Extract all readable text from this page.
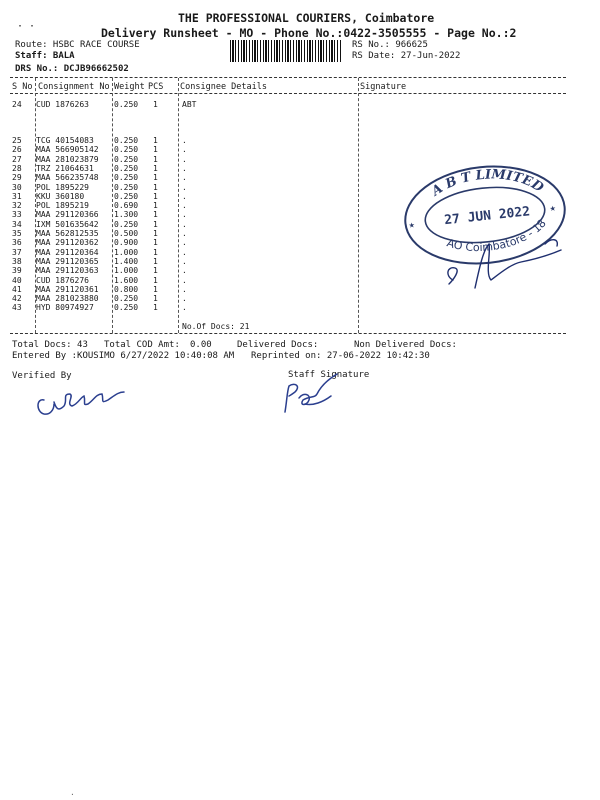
THE PROFESSIONAL COURIERS, Coimbatore
Delivery Runsheet - MO - Phone No.:0422-3505555 - Page No.:2
· ·
Route: HSBC RACE COURSE
Staff: BALA
DRS No.: DCJB96662502
RS No.: 966625
RS Date: 27-Jun-2022
S No Consignment No Weight PCS Consignee Details	Signature
24 CUD 1876263	0.250 1	ABT
25 TCG 40154083	0.250 1	.
26 MAA 566905142 0.250 1	.
27 MAA 281023879 0.250 1	.
28 TRZ 21064631	0.250 1	.
29 MAA 566235748 0.250 1	.
30 POL 1895229	0.250 1	.
31 KKU 360180	0.250 1	.
32 POL 1895219	0.690 1	.
33 MAA 291120366 1.300 1	.
34 IXM 501635642 0.250 1	.
35 MAA 562812535 0.500 1	.
36 MAA 291120362 0.900 1	.
37 MAA 291120364 1.000 1	.
38 MAA 291120365 1.400 1	.
39 MAA 291120363 1.000 1	.
40 CUD 1876276	1.600 1	.
41 MAA 291120361 0.800 1	.
42 MAA 281023880 0.250 1	.
43 HYD 80974927	0.250 1	.
No.Of Docs: 21
Total Docs: 43 Total COD Amt: 0.00	Delivered Docs:	Non Delivered Docs:
Entered By :KOUSIMO 6/27/2022 10:40:08 AM Reprinted on: 27-06-2022 10:42:30
Verified By	Staff Signature
A B T LIMITED
AO Coimbatore - 18
27 JUN 2022
★
★
·
